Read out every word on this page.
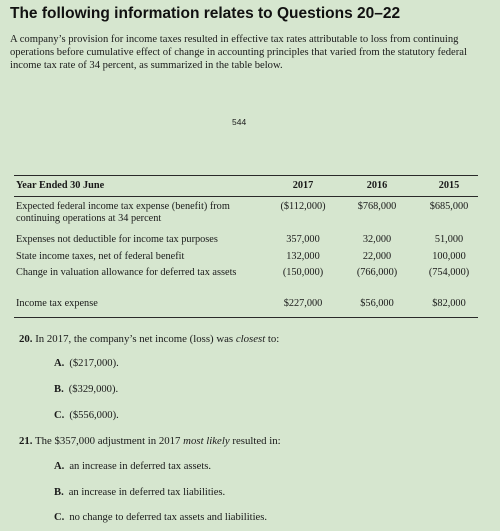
The following information relates to Questions 20–22
A company’s provision for income taxes resulted in effective tax rates attributable to loss from continuing operations before cumulative effect of change in accounting principles that varied from the statutory federal income tax rate of 34 percent, as summarized in the table below.
544
Year Ended 30 June	2017	2016	2015
Expected federal income tax expense (benefit) from continuing operations at 34 percent
($112,000)	$768,000	$685,000
Expenses not deductible for income tax purposes	357,000	32,000	51,000
State income taxes, net of federal benefit	132,000	22,000	100,000
Change in valuation allowance for deferred tax assets	(150,000)	(766,000)	(754,000)
Income tax expense	$227,000	$56,000	$82,000
20. In 2017, the company’s net income (loss) was closest to:
A. ($217,000).
B. ($329,000).
C. ($556,000).
21. The $357,000 adjustment in 2017 most likely resulted in:
A. an increase in deferred tax assets.
B. an increase in deferred tax liabilities.
C. no change to deferred tax assets and liabilities.
